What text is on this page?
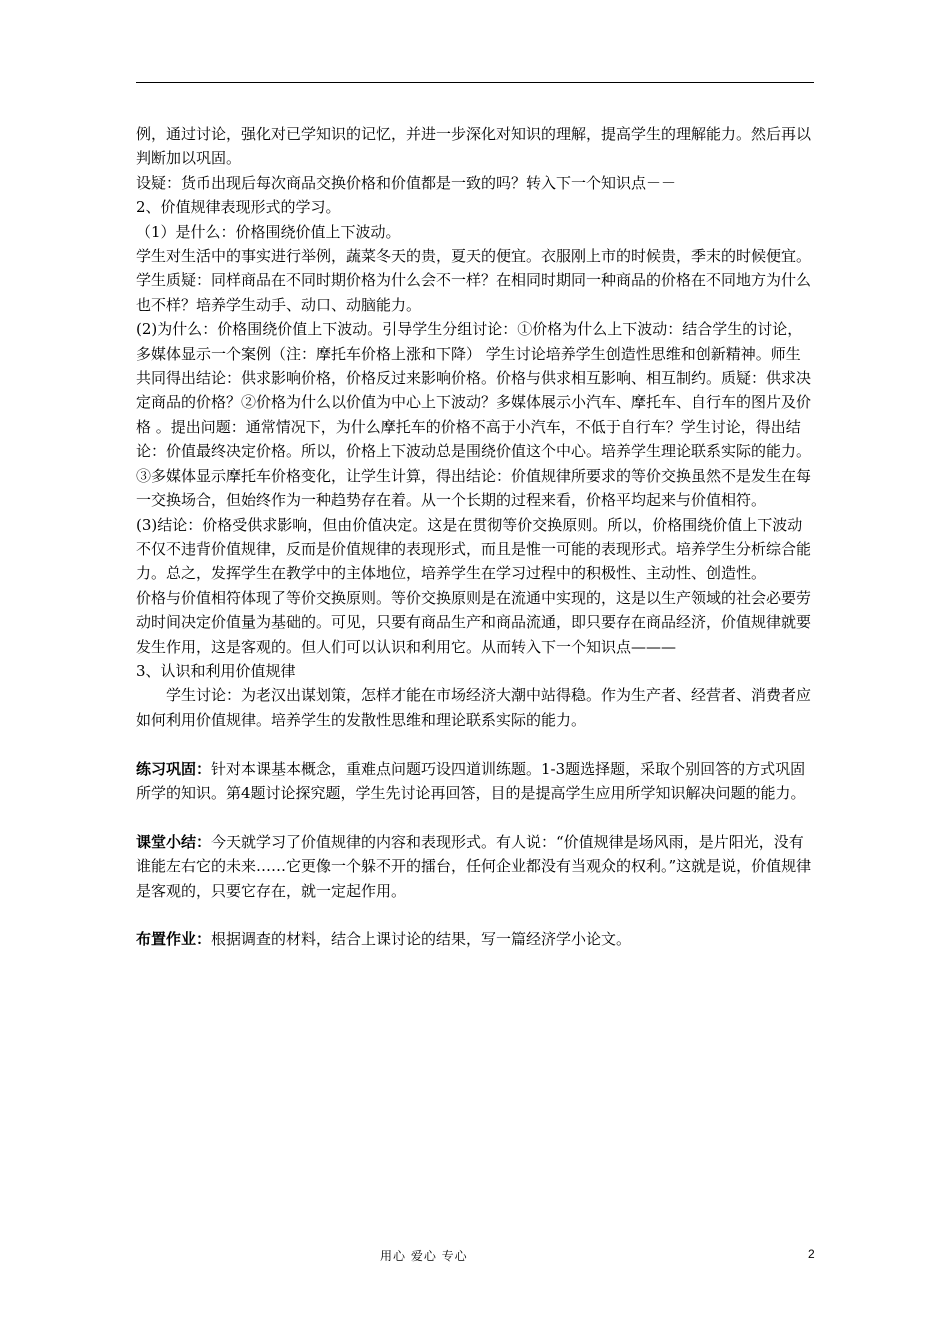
例，通过讨论，强化对已学知识的记忆，并进一步深化对知识的理解，提高学生的理解能力。然后再以判断加以巩固。

设疑：货币出现后每次商品交换价格和价值都是一致的吗？转入下一个知识点－－

2、价值规律表现形式的学习。

（1）是什么：价格围绕价值上下波动。

学生对生活中的事实进行举例，蔬菜冬天的贵，夏天的便宜。衣服刚上市的时候贵，季末的时候便宜。学生质疑：同样商品在不同时期价格为什么会不一样？在相同时期同一种商品的价格在不同地方为什么也不样？培养学生动手、动口、动脑能力。

(2)为什么：价格围绕价值上下波动。引导学生分组讨论：①价格为什么上下波动：结合学生的讨论，多媒体显示一个案例（注：摩托车价格上涨和下降） 学生讨论培养学生创造性思维和创新精神。师生共同得出结论：供求影响价格，价格反过来影响价格。价格与供求相互影响、相互制约。质疑：供求决定商品的价格？②价格为什么以价值为中心上下波动？多媒体展示小汽车、摩托车、自行车的图片及价格 。提出问题：通常情况下，为什么摩托车的价格不高于小汽车，不低于自行车？学生讨论，得出结论：价值最终决定价格。所以，价格上下波动总是围绕价值这个中心。培养学生理论联系实际的能力。③多媒体显示摩托车价格变化，让学生计算，得出结论：价值规律所要求的等价交换虽然不是发生在每一交换场合，但始终作为一种趋势存在着。从一个长期的过程来看，价格平均起来与价值相符。

(3)结论：价格受供求影响，但由价值决定。这是在贯彻等价交换原则。所以，价格围绕价值上下波动不仅不违背价值规律，反而是价值规律的表现形式，而且是惟一可能的表现形式。培养学生分析综合能力。总之，发挥学生在教学中的主体地位，培养学生在学习过程中的积极性、主动性、创造性。

价格与价值相符体现了等价交换原则。等价交换原则是在流通中实现的，这是以生产领域的社会必要劳动时间决定价值量为基础的。可见，只要有商品生产和商品流通，即只要存在商品经济，价值规律就要发生作用，这是客观的。但人们可以认识和利用它。从而转入下一个知识点———

3、认识和利用价值规律

学生讨论：为老汉出谋划策，怎样才能在市场经济大潮中站得稳。作为生产者、经营者、消费者应如何利用价值规律。培养学生的发散性思维和理论联系实际的能力。

练习巩固：针对本课基本概念，重难点问题巧设四道训练题。1-3题选择题，采取个别回答的方式巩固所学的知识。第4题讨论探究题，学生先讨论再回答，目的是提高学生应用所学知识解决问题的能力。

课堂小结：今天就学习了价值规律的内容和表现形式。有人说：“价值规律是场风雨，是片阳光，没有谁能左右它的未来……它更像一个躲不开的擂台，任何企业都没有当观众的权利。”这就是说，价值规律是客观的，只要它存在，就一定起作用。

布置作业：根据调查的材料，结合上课讨论的结果，写一篇经济学小论文。

用心 爱心 专心	2
